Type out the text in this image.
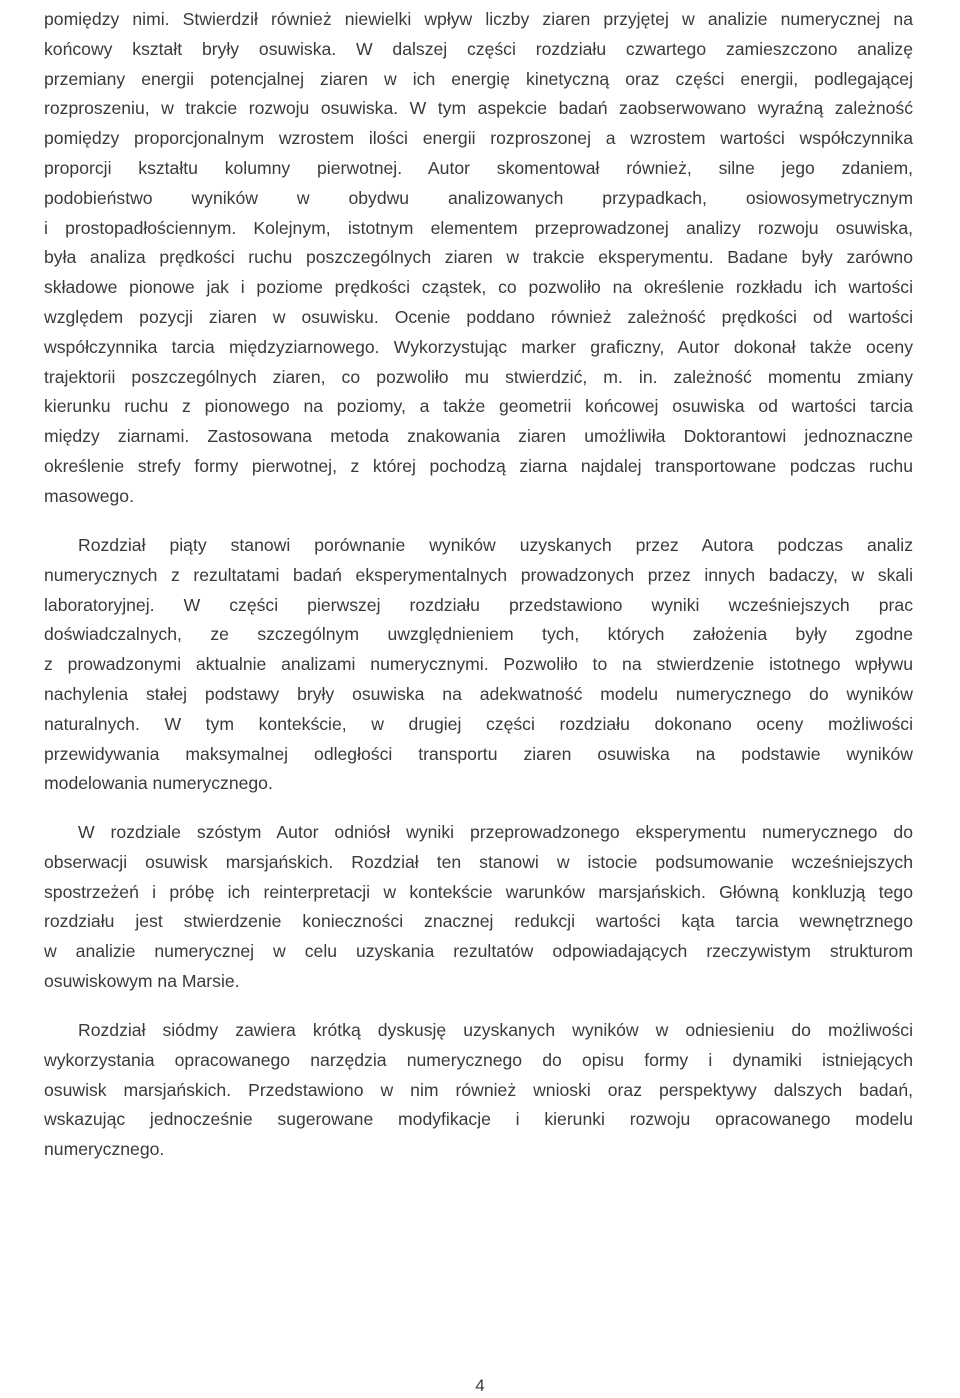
pomiędzy nimi. Stwierdził również niewielki wpływ liczby ziaren przyjętej w analizie numerycznej na
końcowy kształt bryły osuwiska. W dalszej części rozdziału czwartego zamieszczono analizę
przemiany energii potencjalnej ziaren w ich energię kinetyczną oraz części energii, podlegającej
rozproszeniu, w trakcie rozwoju osuwiska. W tym aspekcie badań zaobserwowano wyraźną zależność
pomiędzy proporcjonalnym wzrostem ilości energii rozproszonej a wzrostem wartości współczynnika
proporcji kształtu kolumny pierwotnej. Autor skomentował również, silne jego zdaniem,
podobieństwo wyników w obydwu analizowanych przypadkach, osiowosymetrycznym
i prostopadłościennym. Kolejnym, istotnym elementem przeprowadzonej analizy rozwoju osuwiska,
była analiza prędkości ruchu poszczególnych ziaren w trakcie eksperymentu. Badane były zarówno
składowe pionowe jak i poziome prędkości cząstek, co pozwoliło na określenie rozkładu ich wartości
względem pozycji ziaren w osuwisku. Ocenie poddano również zależność prędkości od wartości
współczynnika tarcia międzyziarnowego. Wykorzystując marker graficzny, Autor dokonał także oceny
trajektorii poszczególnych ziaren, co pozwoliło mu stwierdzić, m. in. zależność momentu zmiany
kierunku ruchu z pionowego na poziomy, a także geometrii końcowej osuwiska od wartości tarcia
między ziarnami. Zastosowana metoda znakowania ziaren umożliwiła Doktorantowi jednoznaczne
określenie strefy formy pierwotnej, z której pochodzą ziarna najdalej transportowane podczas ruchu
masowego.
Rozdział piąty stanowi porównanie wyników uzyskanych przez Autora podczas analiz
numerycznych z rezultatami badań eksperymentalnych prowadzonych przez innych badaczy, w skali
laboratoryjnej. W części pierwszej rozdziału przedstawiono wyniki wcześniejszych prac
doświadczalnych, ze szczególnym uwzględnieniem tych, których założenia były zgodne
z prowadzonymi aktualnie analizami numerycznymi. Pozwoliło to na stwierdzenie istotnego wpływu
nachylenia stałej podstawy bryły osuwiska na adekwatność modelu numerycznego do wyników
naturalnych. W tym kontekście, w drugiej części rozdziału dokonano oceny możliwości
przewidywania maksymalnej odległości transportu ziaren osuwiska na podstawie wyników
modelowania numerycznego.
W rozdziale szóstym Autor odniósł wyniki przeprowadzonego eksperymentu numerycznego do
obserwacji osuwisk marsjańskich. Rozdział ten stanowi w istocie podsumowanie wcześniejszych
spostrzeżeń i próbę ich reinterpretacji w kontekście warunków marsjańskich. Główną konkluzją tego
rozdziału jest stwierdzenie konieczności znacznej redukcji wartości kąta tarcia wewnętrznego
w analizie numerycznej w celu uzyskania rezultatów odpowiadających rzeczywistym strukturom
osuwiskowym na Marsie.
Rozdział siódmy zawiera krótką dyskusję uzyskanych wyników w odniesieniu do możliwości
wykorzystania opracowanego narzędzia numerycznego do opisu formy i dynamiki istniejących
osuwisk marsjańskich. Przedstawiono w nim również wnioski oraz perspektywy dalszych badań,
wskazując jednocześnie sugerowane modyfikacje i kierunki rozwoju opracowanego modelu
numerycznego.
4
